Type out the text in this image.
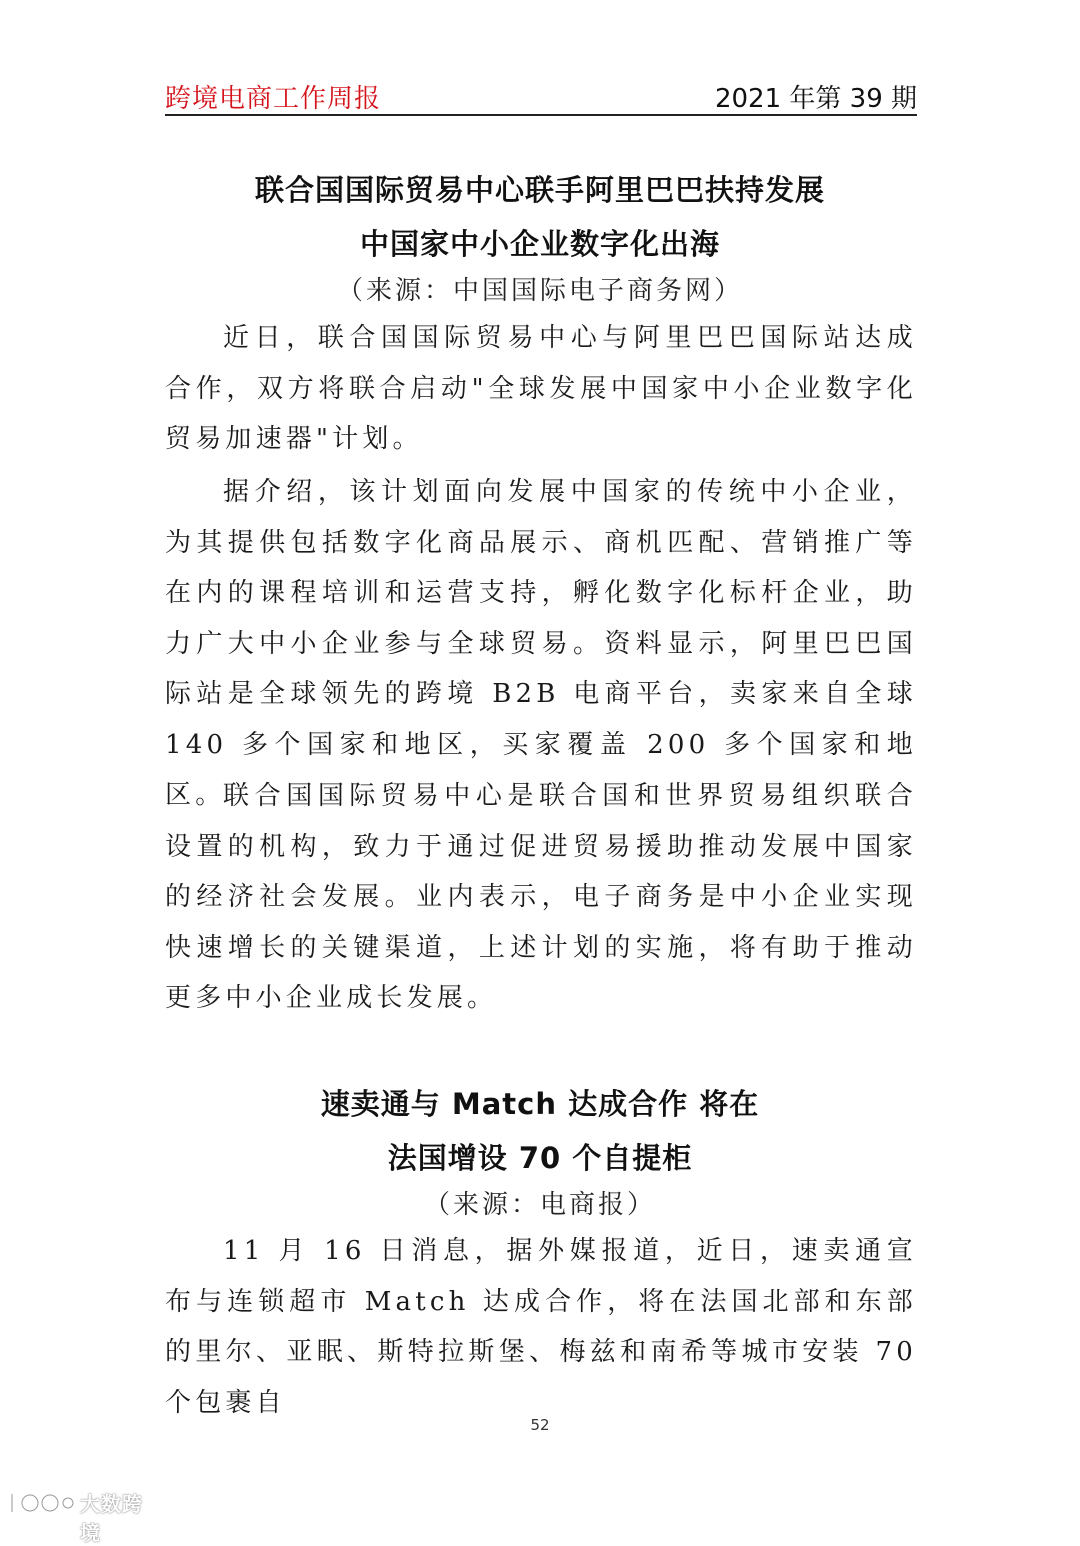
跨境电商工作周报	2021 年第 39 期
联合国国际贸易中心联手阿里巴巴扶持发展
中国家中小企业数字化出海
（来源：中国国际电子商务网）

近日，联合国国际贸易中心与阿里巴巴国际站达成合作，双方将联合启动"全球发展中国家中小企业数字化贸易加速器"计划。

据介绍，该计划面向发展中国家的传统中小企业，为其提供包括数字化商品展示、商机匹配、营销推广等在内的课程培训和运营支持，孵化数字化标杆企业，助力广大中小企业参与全球贸易。资料显示，阿里巴巴国际站是全球领先的跨境 B2B 电商平台，卖家来自全球 140 多个国家和地区，买家覆盖 200 多个国家和地区。

联合国国际贸易中心是联合国和世界贸易组织联合设置的机构，致力于通过促进贸易援助推动发展中国家的经济社会发展。业内表示，电子商务是中小企业实现快速增长的关键渠道，上述计划的实施，将有助于推动更多中小企业成长发展。

速卖通与 Match 达成合作 将在
法国增设 70 个自提柜
（来源：电商报）

11 月 16 日消息，据外媒报道，近日，速卖通宣布与连锁超市 Match 达成合作，将在法国北部和东部的里尔、亚眠、斯特拉斯堡、梅兹和南希等城市安装 70 个包裹自

52
大数跨境
